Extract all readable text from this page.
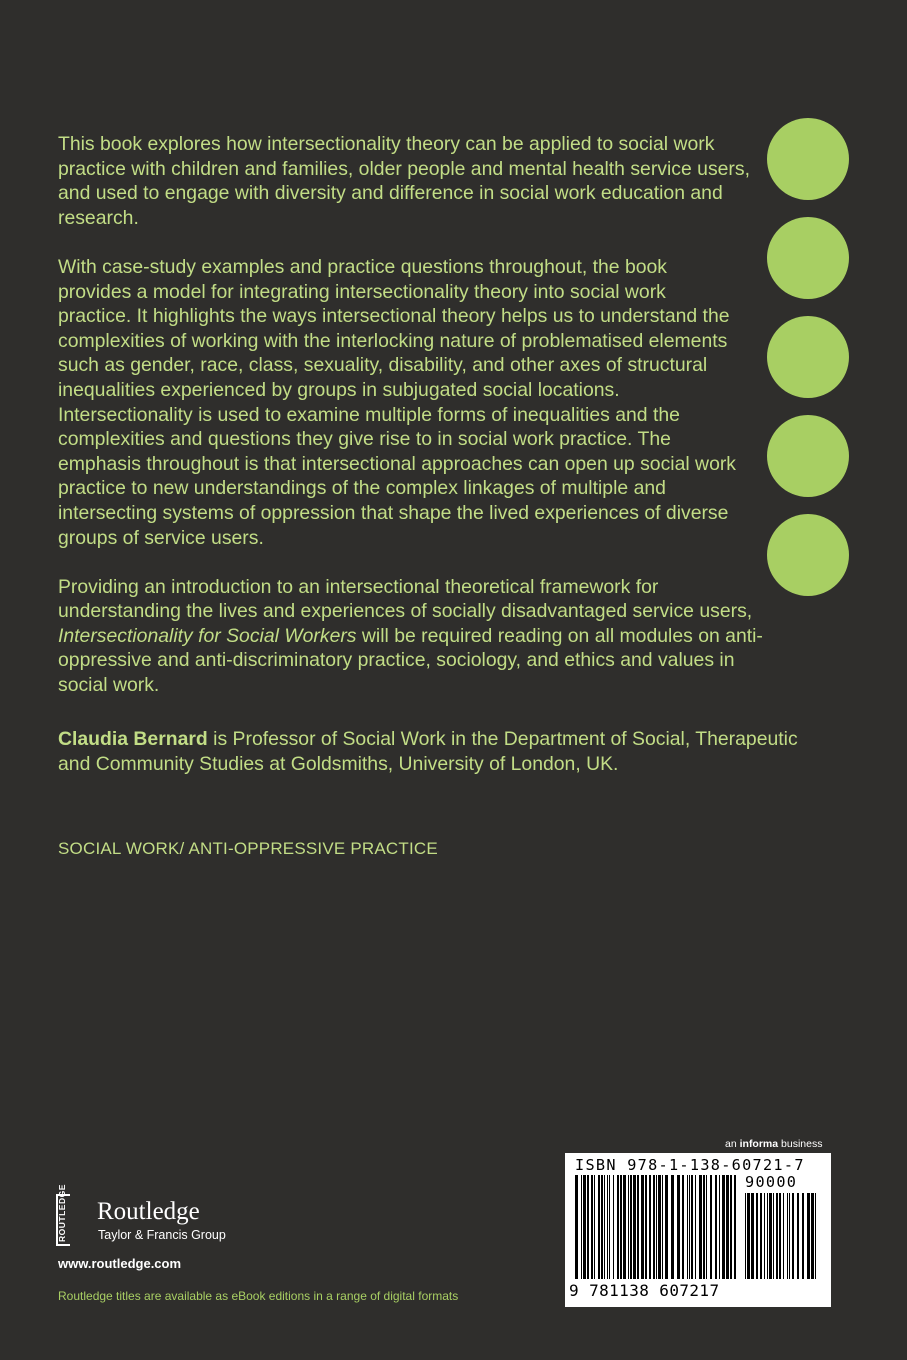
This book explores how intersectionality theory can be applied to social work practice with children and families, older people and mental health service users, and used to engage with diversity and difference in social work education and research.

With case-study examples and practice questions throughout, the book provides a model for integrating intersectionality theory into social work practice. It highlights the ways intersectional theory helps us to understand the complexities of working with the interlocking nature of problematised elements such as gender, race, class, sexuality, disability, and other axes of structural inequalities experienced by groups in subjugated social locations. Intersectionality is used to examine multiple forms of inequalities and the complexities and questions they give rise to in social work practice. The emphasis throughout is that intersectional approaches can open up social work practice to new understandings of the complex linkages of multiple and intersecting systems of oppression that shape the lived experiences of diverse groups of service users.

Providing an introduction to an intersectional theoretical framework for understanding the lives and experiences of socially disadvantaged service users, Intersectionality for Social Workers will be required reading on all modules on anti-oppressive and anti-discriminatory practice, sociology, and ethics and values in social work.

Claudia Bernard is Professor of Social Work in the Department of Social, Therapeutic and Community Studies at Goldsmiths, University of London, UK.
SOCIAL WORK/ ANTI-OPPRESSIVE PRACTICE
ROUTLEDGE Routledge
Taylor & Francis Group
www.routledge.com
Routledge titles are available as eBook editions in a range of digital formats
an informa business
ISBN 978-1-138-60721-7
90000
9 781138 607217
